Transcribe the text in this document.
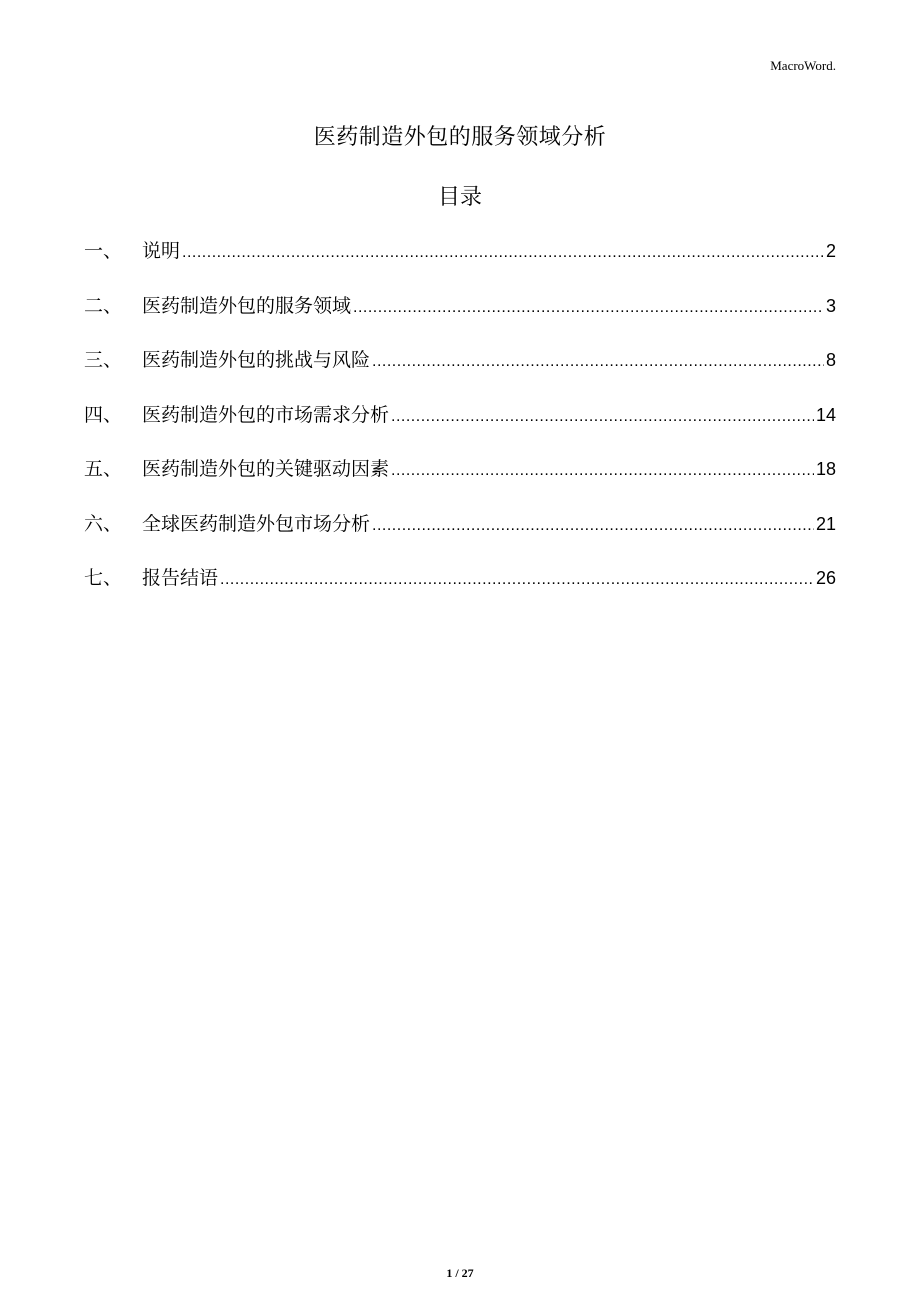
MacroWord.
医药制造外包的服务领域分析
目录
一、	说明 .....	2
二、	医药制造外包的服务领域 .....	3
三、	医药制造外包的挑战与风险 .....	8
四、	医药制造外包的市场需求分析 .....	14
五、	医药制造外包的关键驱动因素 .....	18
六、	全球医药制造外包市场分析 .....	21
七、	报告结语 .....	26
1 / 27
